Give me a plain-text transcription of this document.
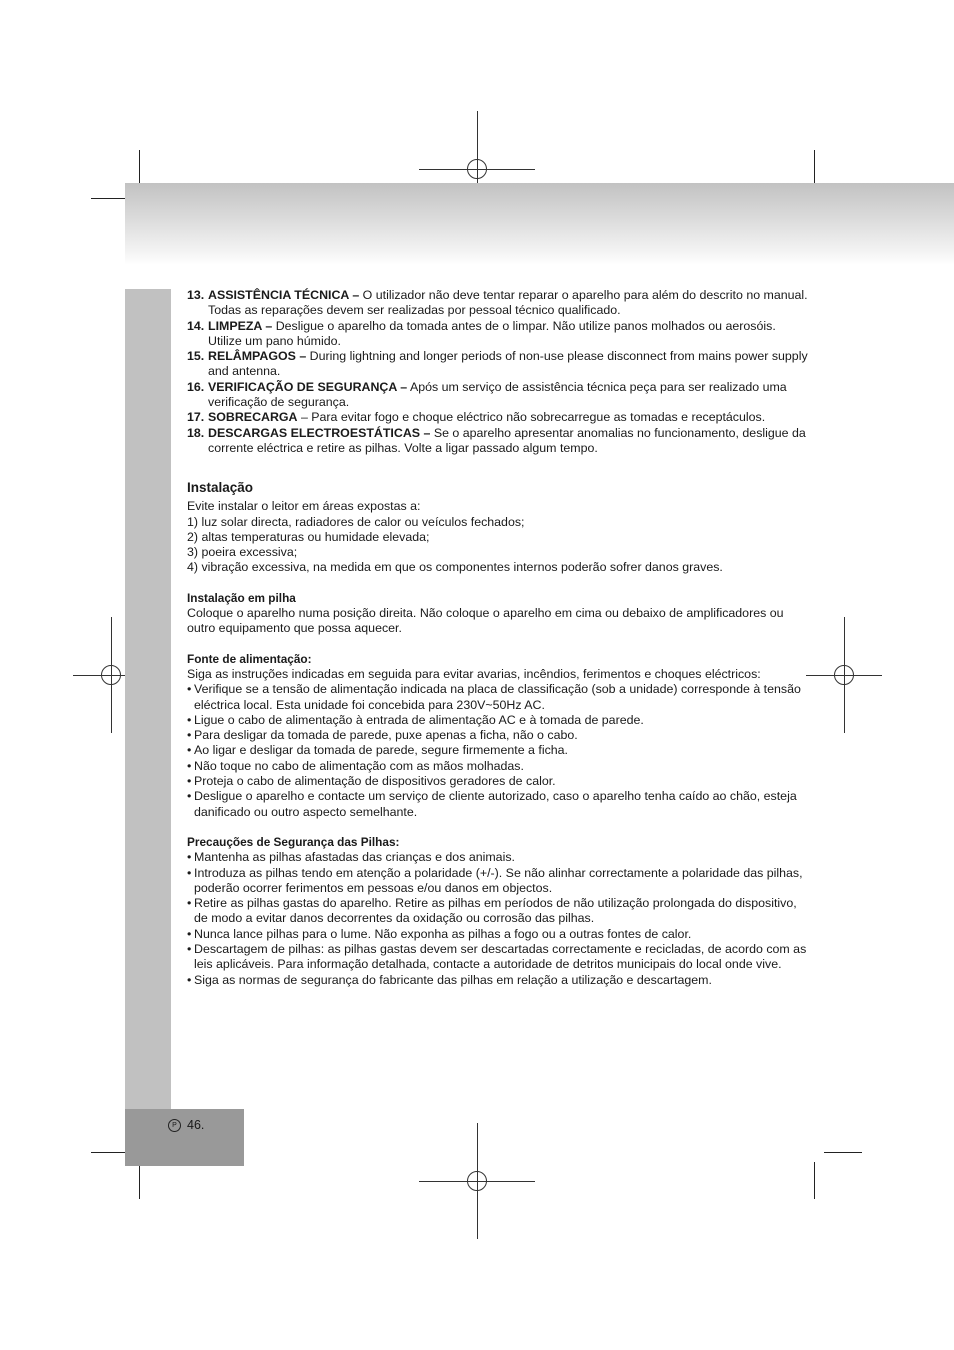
P 46.
13. ASSISTÊNCIA TÉCNICA – O utilizador não deve tentar reparar o aparelho para além do descrito no manual. Todas as reparações devem ser realizadas por pessoal técnico qualificado.
14. LIMPEZA – Desligue o aparelho da tomada antes de o limpar. Não utilize panos molhados ou aerosóis. Utilize um pano húmido.
15. RELÂMPAGOS – During lightning and longer periods of non-use please disconnect from mains power supply and antenna.
16. VERIFICAÇÃO DE SEGURANÇA – Após um serviço de assistência técnica peça para ser realizado uma verificação de segurança.
17. SOBRECARGA – Para evitar fogo e choque eléctrico não sobrecarregue as tomadas e receptáculos.
18. DESCARGAS ELECTROESTÁTICAS – Se o aparelho apresentar anomalias no funcionamento, desligue da corrente eléctrica e retire as pilhas. Volte a ligar passado algum tempo.
Instalação

Evite instalar o leitor em áreas expostas a:

1) luz solar directa, radiadores de calor ou veículos fechados;
2) altas temperaturas ou humidade elevada;
3) poeira excessiva;
4) vibração excessiva, na medida em que os componentes internos poderão sofrer danos graves.
Instalação em pilha

Coloque o aparelho numa posição direita. Não coloque o aparelho em cima ou debaixo de amplificadores ou outro equipamento que possa aquecer.

Fonte de alimentação:

Siga as instruções indicadas em seguida para evitar avarias, incêndios, ferimentos e choques eléctricos:

• Verifique se a tensão de alimentação indicada na placa de classificação (sob a unidade) corresponde à tensão eléctrica local. Esta unidade foi concebida para 230V~50Hz AC.
• Ligue o cabo de alimentação à entrada de alimentação AC e à tomada de parede.
• Para desligar da tomada de parede, puxe apenas a ficha, não o cabo.
• Ao ligar e desligar da tomada de parede, segure firmemente a ficha.
• Não toque no cabo de alimentação com as mãos molhadas.
• Proteja o cabo de alimentação de dispositivos geradores de calor.
• Desligue o aparelho e contacte um serviço de cliente autorizado, caso o aparelho tenha caído ao chão, esteja danificado ou outro aspecto semelhante.
Precauções de Segurança das Pilhas:
• Mantenha as pilhas afastadas das crianças e dos animais.
• Introduza as pilhas tendo em atenção a polaridade (+/-). Se não alinhar correctamente a polaridade das pilhas, poderão ocorrer ferimentos em pessoas e/ou danos em objectos.
• Retire as pilhas gastas do aparelho. Retire as pilhas em períodos de não utilização prolongada do dispositivo, de modo a evitar danos decorrentes da oxidação ou corrosão das pilhas.
• Nunca lance pilhas para o lume. Não exponha as pilhas a fogo ou a outras fontes de calor.
• Descartagem de pilhas: as pilhas gastas devem ser descartadas correctamente e recicladas, de acordo com as leis aplicáveis. Para informação detalhada, contacte a autoridade de detritos municipais do local onde vive.
• Siga as normas de segurança do fabricante das pilhas em relação a utilização e descartagem.
